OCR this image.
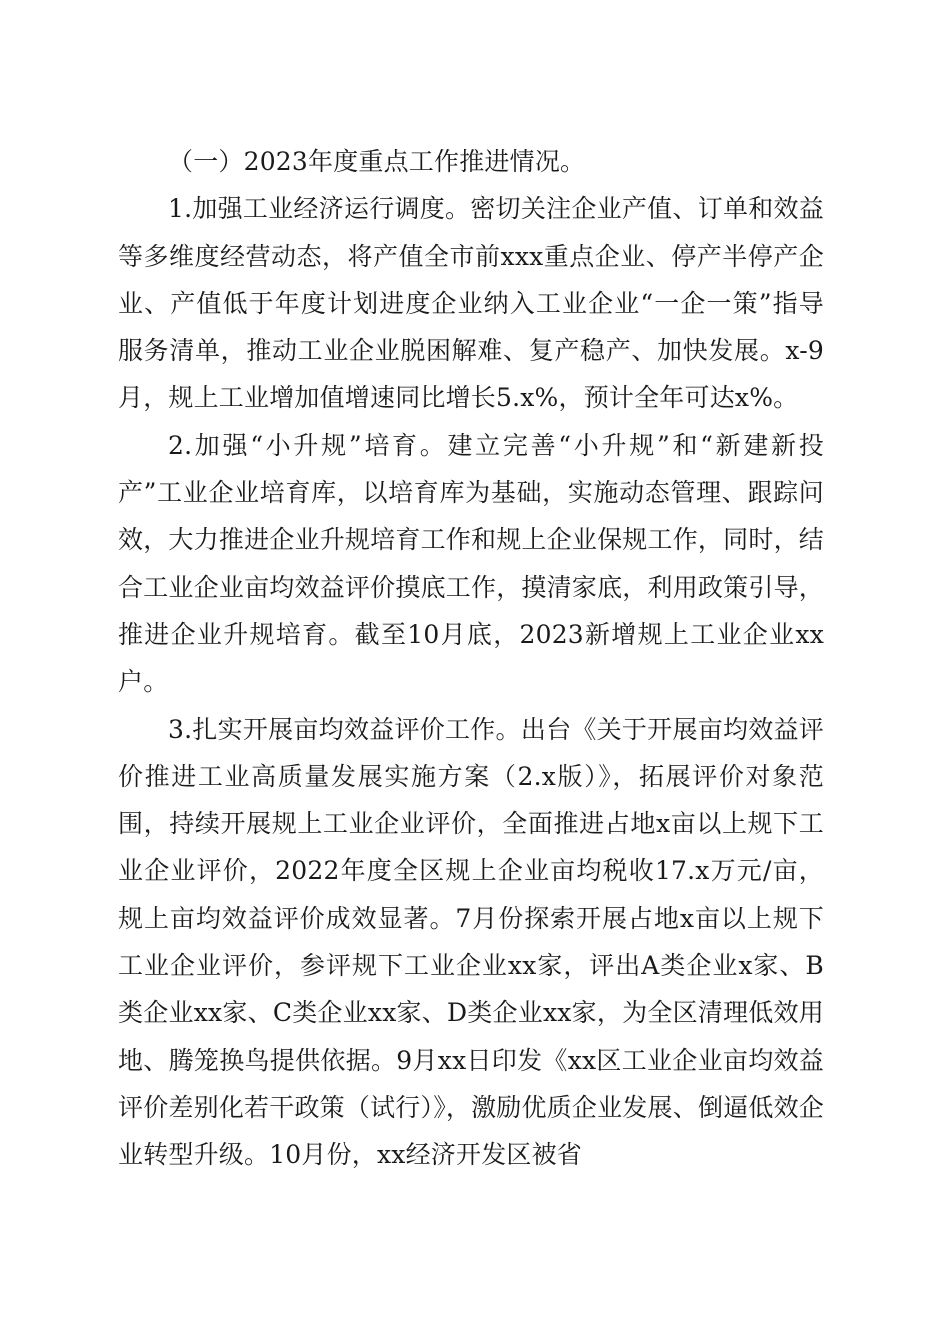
（一）2023年度重点工作推进情况。

1.加强工业经济运行调度。密切关注企业产值、订单和效益等多维度经营动态，将产值全市前xxx重点企业、停产半停产企业、产值低于年度计划进度企业纳入工业企业“一企一策”指导服务清单，推动工业企业脱困解难、复产稳产、加快发展。x-9月，规上工业增加值增速同比增长5.x%，预计全年可达x%。

2.加强“小升规”培育。建立完善“小升规”和“新建新投产”工业企业培育库，以培育库为基础，实施动态管理、跟踪问效，大力推进企业升规培育工作和规上企业保规工作，同时，结合工业企业亩均效益评价摸底工作，摸清家底，利用政策引导，推进企业升规培育。截至10月底，2023新增规上工业企业xx户。

3.扎实开展亩均效益评价工作。出台《关于开展亩均效益评价推进工业高质量发展实施方案（2.x版）》，拓展评价对象范围，持续开展规上工业企业评价，全面推进占地x亩以上规下工业企业评价，2022年度全区规上企业亩均税收17.x万元/亩，规上亩均效益评价成效显著。7月份探索开展占地x亩以上规下工业企业评价，参评规下工业企业xx家，评出A类企业x家、B类企业xx家、C类企业xx家、D类企业xx家，为全区清理低效用地、腾笼换鸟提供依据。9月xx日印发《xx区工业企业亩均效益评价差别化若干政策（试行）》，激励优质企业发展、倒逼低效企业转型升级。10月份，xx经济开发区被省
